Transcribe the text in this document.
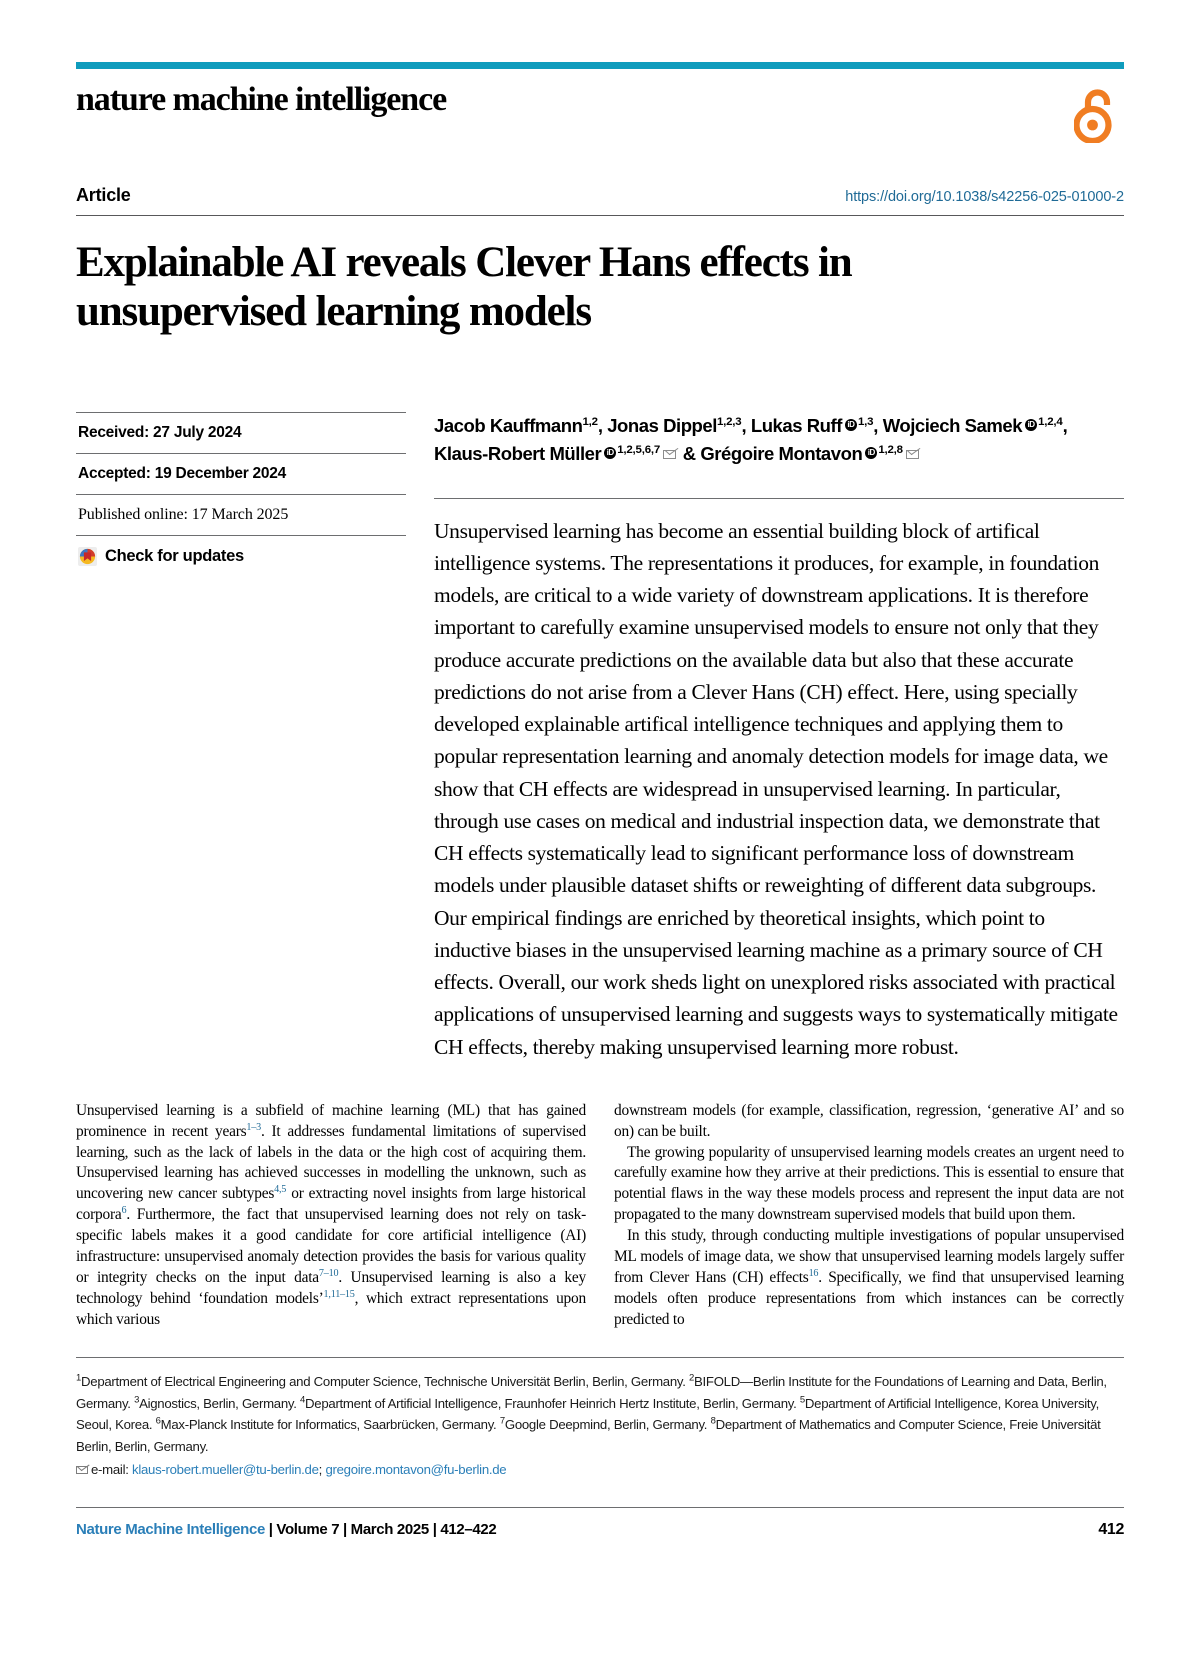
nature machine intelligence
Article	https://doi.org/10.1038/s42256-025-01000-2
Explainable AI reveals Clever Hans effects in unsupervised learning models
Received: 27 July 2024
Accepted: 19 December 2024
Published online: 17 March 2025
Check for updates
Jacob Kauffmann$^{1,2}$, Jonas Dippel$^{1,2,3}$, Lukas Ruff iD $^{1,3}$, Wojciech SamekiD $^{1,2,4}$,
Klaus-Robert Müller iD $^{1,2,5,6,7}$ & Grégoire Montavon iD $^{1,2,8}$
Unsupervised learning has become an essential building block of artifical intelligence systems. The representations it produces, for example, in foundation models, are critical to a wide variety of downstream applications. It is therefore important to carefully examine unsupervised models to ensure not only that they produce accurate predictions on the available data but also that these accurate predictions do not arise from a Clever Hans (CH) effect. Here, using specially developed explainable artifical intelligence techniques and applying them to popular representation learning and anomaly detection models for image data, we show that CH effects are widespread in unsupervised learning. In particular, through use cases on medical and industrial inspection data, we demonstrate that CH effects systematically lead to significant performance loss of downstream models under plausible dataset shifts or reweighting of different data subgroups. Our empirical findings are enriched by theoretical insights, which point to inductive biases in the unsupervised learning machine as a primary source of CH effects. Overall, our work sheds light on unexplored risks associated with practical applications of unsupervised learning and suggests ways to systematically mitigate CH effects, thereby making unsupervised learning more robust.

Unsupervised learning is a subfield of machine learning (ML) that has gained prominence in recent years$^{1-3}$. It addresses fundamental limitations of supervised learning, such as the lack of labels in the data or the high cost of acquiring them. Unsupervised learning has achieved successes in modelling the unknown, such as uncovering new cancer subtypes$^{4,5}$ or extracting novel insights from large historical corpora$^6$. Furthermore, the fact that unsupervised learning does not rely on task-specific labels makes it a good candidate for core artificial intelligence (AI) infrastructure: unsupervised anomaly detection provides the basis for various quality or integrity checks on the input data$^{7-10}$. Unsupervised learning is also a key technology behind ‘foundation models’$^{1,11-15}$, which extract representations upon which various

downstream models (for example, classification, regression, ‘generative AI’ and so on) can be built.

The growing popularity of unsupervised learning models creates an urgent need to carefully examine how they arrive at their predictions. This is essential to ensure that potential flaws in the way these models process and represent the input data are not propagated to the many downstream supervised models that build upon them.

In this study, through conducting multiple investigations of popular unsupervised ML models of image data, we show that unsupervised learning models largely suffer from Clever Hans (CH) effects$^{16}$. Specifically, we find that unsupervised learning models often produce representations from which instances can be correctly predicted to

$^1$Department of Electrical Engineering and Computer Science, Technische Universität Berlin, Berlin, Germany. $^2$BIFOLD—Berlin Institute for the Foundations of Learning and Data, Berlin, Germany. $^3$Aignostics, Berlin, Germany. $^4$Department of Artificial Intelligence, Fraunhofer Heinrich Hertz Institute, Berlin, Germany. $^5$Department of Artificial Intelligence, Korea University, Seoul, Korea. $^6$Max-Planck Institute for Informatics, Saarbrücken, Germany. $^7$Google Deepmind, Berlin, Germany. $^8$Department of Mathematics and Computer Science, Freie Universität Berlin, Berlin, Germany.
e-mail: klaus-robert.mueller@tu-berlin.de; gregoire.montavon@fu-berlin.de
Nature Machine Intelligence | Volume 7 | March 2025 | 412–422	412
